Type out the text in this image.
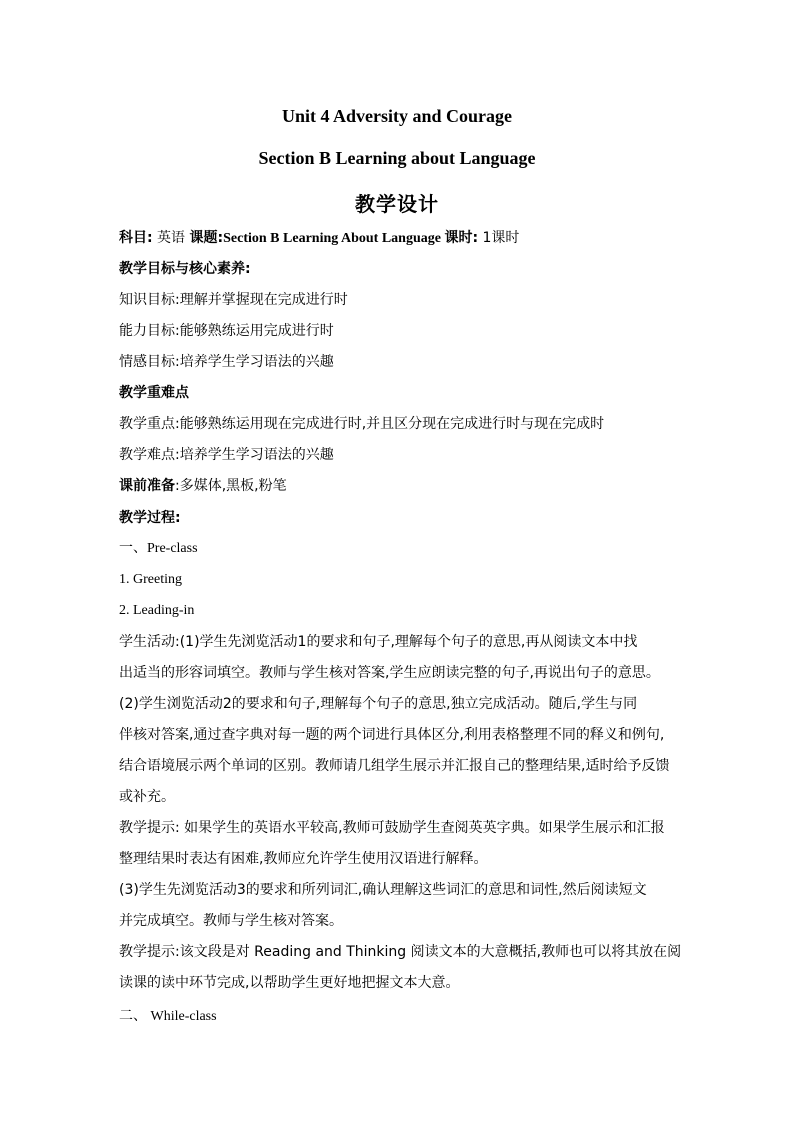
Unit 4 Adversity and Courage
Section B Learning about Language
教学设计
科目: 英语 课题:Section B Learning About Language 课时: 1课时
教学目标与核心素养:
知识目标:理解并掌握现在完成进行时
能力目标:能够熟练运用完成进行时
情感目标:培养学生学习语法的兴趣
教学重难点
教学重点:能够熟练运用现在完成进行时,并且区分现在完成进行时与现在完成时
教学难点:培养学生学习语法的兴趣
课前准备:多媒体,黑板,粉笔
教学过程:
一、Pre-class
1. Greeting
2. Leading-in
学生活动:(1)学生先浏览活动1的要求和句子,理解每个句子的意思,再从阅读文本中找
出适当的形容词填空。教师与学生核对答案,学生应朗读完整的句子,再说出句子的意思。
(2)学生浏览活动2的要求和句子,理解每个句子的意思,独立完成活动。随后,学生与同
伴核对答案,通过查字典对每一题的两个词进行具体区分,利用表格整理不同的释义和例句,
结合语境展示两个单词的区别。教师请几组学生展示并汇报自己的整理结果,适时给予反馈
或补充。
教学提示: 如果学生的英语水平较高,教师可鼓励学生查阅英英字典。如果学生展示和汇报
整理结果时表达有困难,教师应允许学生使用汉语进行解释。
(3)学生先浏览活动3的要求和所列词汇,确认理解这些词汇的意思和词性,然后阅读短文
并完成填空。教师与学生核对答案。
教学提示:该文段是对 Reading and Thinking 阅读文本的大意概括,教师也可以将其放在阅
读课的读中环节完成,以帮助学生更好地把握文本大意。
二、 While-class
